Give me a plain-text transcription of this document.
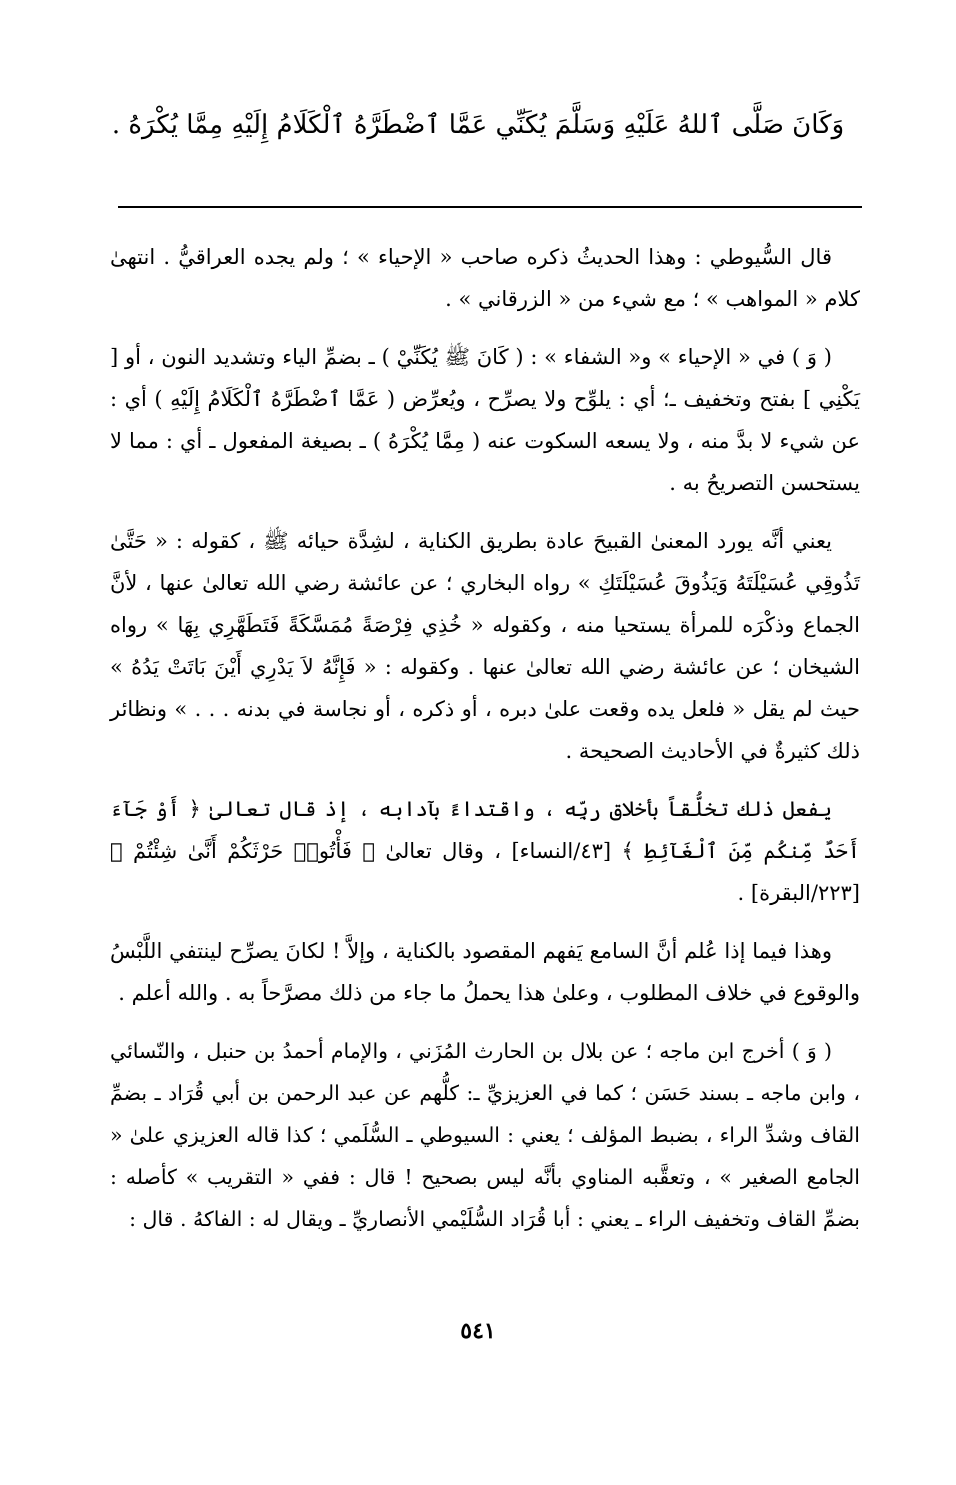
وَكَانَ صَلَّى ٱللهُ عَلَيْهِ وَسَلَّمَ يُكَنِّي عَمَّا ٱضْطَرَّهُ ٱلْكَلَامُ إِلَيْهِ مِمَّا يُكْرَهُ .

قال السُّيوطي : وهذا الحديثُ ذكره صاحب « الإحياء » ؛ ولم يجده العراقيُّ . انتهىٰ كلام « المواهب » ؛ مع شيء من « الزرقاني » .

( وَ ) في « الإحياء » و« الشفاء » : ( كَانَ ﷺ يُكَنِّيْ ) ـ بضمِّ الياء وتشديد النون ، أو [ يَكْنِي ] بفتح وتخفيف ـ؛ أي : يلوِّح ولا يصرِّح ، ويُعرِّض ( عَمَّا ٱضْطَرَّهُ ٱلْكَلَامُ إِلَيْهِ ) أي : عن شيء لا بدَّ منه ، ولا يسعه السكوت عنه ( مِمَّا يُكْرَهُ ) ـ بصيغة المفعول ـ أي : مما لا يستحسن التصريحُ به .

يعني أنَّه يورد المعنىٰ القبيحَ عادة بطريق الكناية ، لشِدَّة حيائه ﷺ ، كقوله : « حَتَّىٰ تَذُوقِي عُسَيْلَتَهُ وَيَذُوقَ عُسَيْلَتَكِ » رواه البخاري ؛ عن عائشة رضي الله تعالىٰ عنها ، لأنَّ الجماع وذكْرَه للمرأة يستحيا منه ، وكقوله « خُذِي فِرْصَةً مُمَسَّكَةً فَتَطَهَّرِي بِهَا » رواه الشيخان ؛ عن عائشة رضي الله تعالىٰ عنها . وكقوله : « فَإِنَّهُ لاَ يَدْرِي أَيْنَ بَاتَتْ يَدُهُ » حيث لم يقل « فلعل يده وقعت علىٰ دبره ، أو ذكره ، أو نجاسة في بدنه . . . » ونظائر ذلك كثيرةٌ في الأحاديث الصحيحة .

يفعل ذلك تخلُّقاً بأخلاق ربِّه ، واقتداءً بآدابه ، إذ قال تعالىٰ ﴿ أَوْ جَآءَ أَحَدٌ مِّنكُم مِّنَ ٱلْغَآئِطِ ﴾ [٤٣/النساء] ، وقال تعالىٰ ﴿ فَأْتُوا۟ حَرْثَكُمْ أَنَّىٰ شِئْتُمْ ﴾ [٢٢٣/البقرة] .

وهذا فيما إذا عُلم أنَّ السامع يَفهم المقصود بالكناية ، وإلاَّ ! لكانَ يصرِّح لينتفي اللَّبْسُ والوقوع في خلاف المطلوب ، وعلىٰ هذا يحملُ ما جاء من ذلك مصرَّحاً به . والله أعلم .

( وَ ) أخرج ابن ماجه ؛ عن بلال بن الحارث المُزَني ، والإمام أحمدُ بن حنبل ، والنّسائي ، وابن ماجه ـ بسند حَسَن ؛ كما في العزيزيِّ ـ: كلُّهم عن عبد الرحمن بن أبي قُرَاد ـ بضمِّ القاف وشدِّ الراء ، بضبط المؤلف ؛ يعني : السيوطي ـ السُّلَمي ؛ كذا قاله العزيزي علىٰ « الجامع الصغير » ، وتعقَّبه المناوي بأنَّه ليس بصحيح ! قال : ففي « التقريب » كأصله : بضمِّ القاف وتخفيف الراء ـ يعني : أبا قُرَاد السُّلَيْمي الأنصاريِّ ـ ويقال له : الفاكهُ . قال :

٥٤١
